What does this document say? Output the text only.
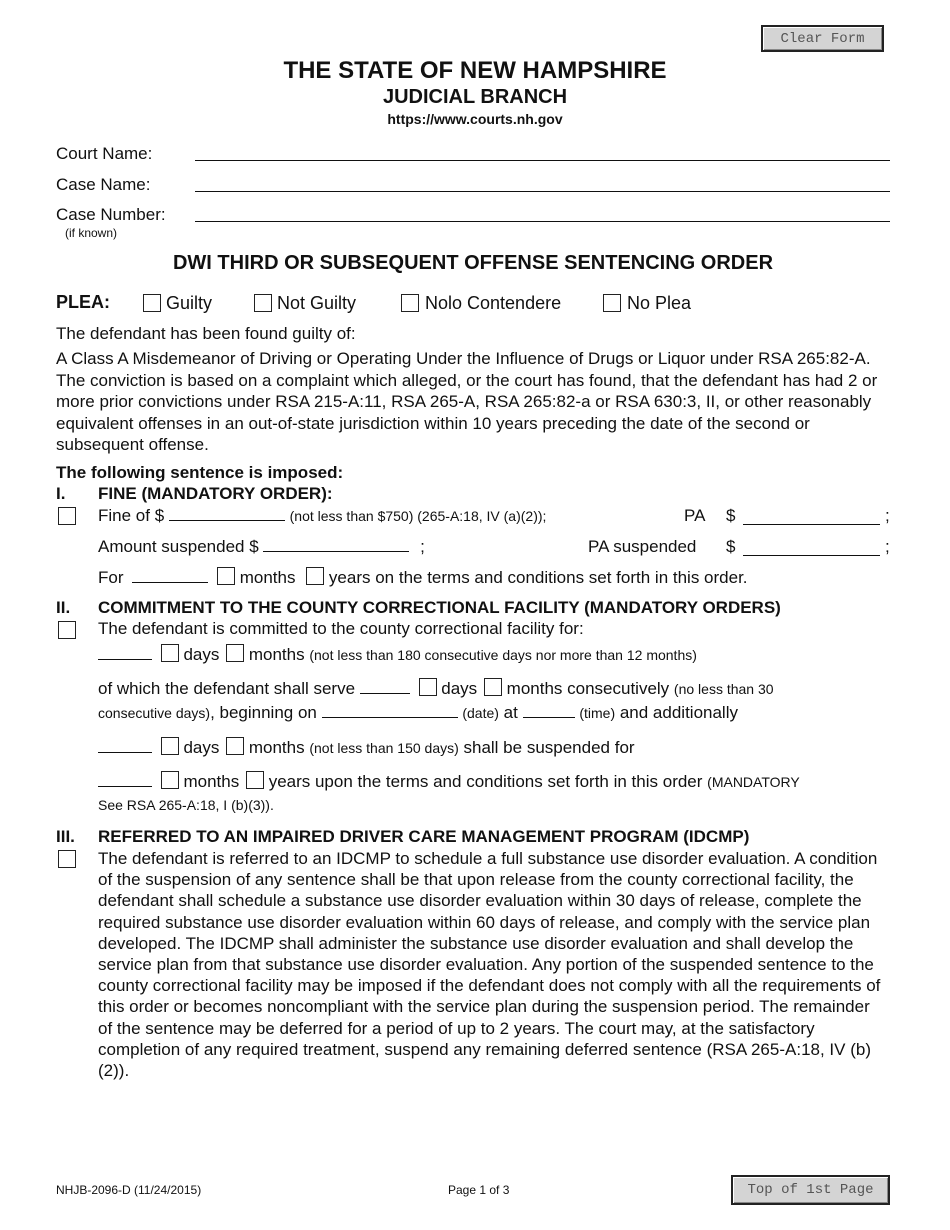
Clear Form
Top of 1st Page
THE STATE OF NEW HAMPSHIRE
JUDICIAL BRANCH
https://www.courts.nh.gov
Court Name:
Case Name:
Case Number:
(if known)
DWI THIRD OR SUBSEQUENT OFFENSE SENTENCING ORDER
PLEA:	Guilty	Not Guilty	Nolo Contendere	No Plea
The defendant has been found guilty of:
A Class A Misdemeanor of Driving or Operating Under the Influence of Drugs or Liquor under RSA 265:82-A. The conviction is based on a complaint which alleged, or the court has found, that the defendant has had 2 or more prior convictions under RSA 215-A:11, RSA 265-A, RSA 265:82-a or RSA 630:3, II, or other reasonably equivalent offenses in an out-of-state jurisdiction within 10 years preceding the date of the second or subsequent offense.
The following sentence is imposed:
I. FINE (MANDATORY ORDER):
Fine of $	(not less than $750) (265-A:18, IV (a)(2));	PA $	;
Amount suspended $	;	PA suspended $	;
For	months years on the terms and conditions set forth in this order.
II. COMMITMENT TO THE COUNTY CORRECTIONAL FACILITY (MANDATORY ORDERS)
The defendant is committed to the county correctional facility for:
days months (not less than 180 consecutive days nor more than 12 months)
of which the defendant shall serve	days months consecutively (no less than 30
consecutive days), beginning on	(date) at	(time) and additionally
days months (not less than 150 days) shall be suspended for
months years upon the terms and conditions set forth in this order (MANDATORY
See RSA 265-A:18, I (b)(3)).
III. REFERRED TO AN IMPAIRED DRIVER CARE MANAGEMENT PROGRAM (IDCMP)
The defendant is referred to an IDCMP to schedule a full substance use disorder evaluation. A condition of the suspension of any sentence shall be that upon release from the county correctional facility, the defendant shall schedule a substance use disorder evaluation within 30 days of release, complete the required substance use disorder evaluation within 60 days of release, and comply with the service plan developed. The IDCMP shall administer the substance use disorder evaluation and shall develop the service plan from that substance use disorder evaluation. Any portion of the suspended sentence to the county correctional facility may be imposed if the defendant does not comply with all the requirements of this order or becomes noncompliant with the service plan during the suspension period. The remainder of the sentence may be deferred for a period of up to 2 years. The court may, at the satisfactory completion of any required treatment, suspend any remaining deferred sentence (RSA 265-A:18, IV (b) (2)).
NHJB-2096-D (11/24/2015)	Page 1 of 3
